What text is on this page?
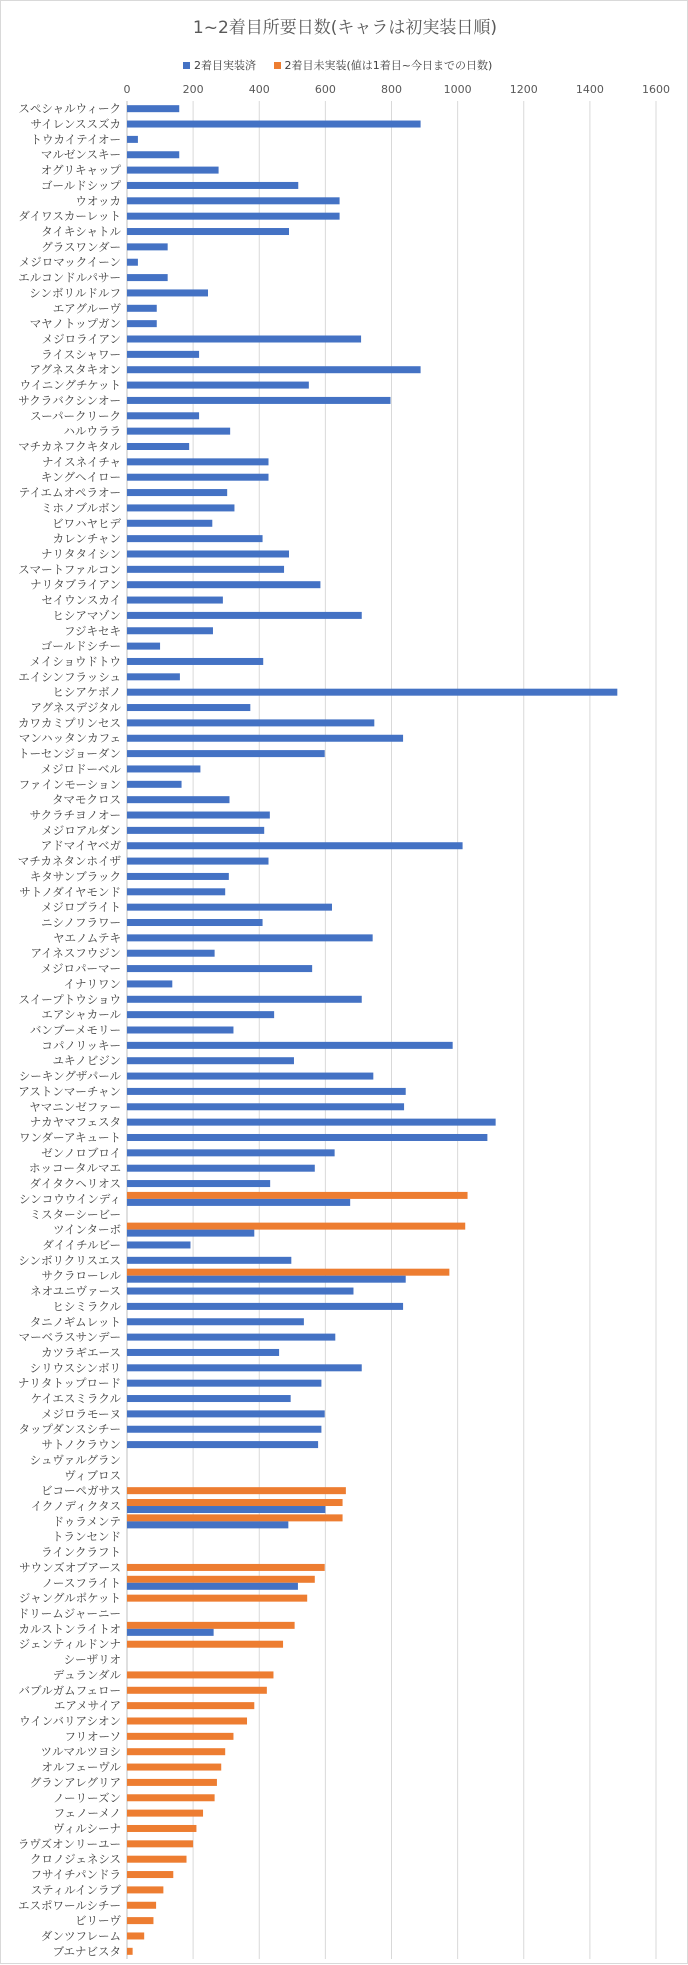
1~2着目所要日数(キャラは初実装日順)
2着目実装済	2着目未実装(値は1着目~今日までの日数)
0	200	400	600	800	1000	1200	1400	1600
スペシャルウィーク
サイレンススズカ
トウカイテイオー
マルゼンスキー
オグリキャップ
ゴールドシップ
ウオッカ
ダイワスカーレット
タイキシャトル
グラスワンダー
メジロマックイーン
エルコンドルパサー
シンボリルドルフ
エアグルーヴ
マヤノトップガン
メジロライアン
ライスシャワー
アグネスタキオン
ウイニングチケット
サクラバクシンオー
スーパークリーク
ハルウララ
マチカネフクキタル
ナイスネイチャ
キングヘイロー
テイエムオペラオー
ミホノブルボン
ビワハヤヒデ
カレンチャン
ナリタタイシン
スマートファルコン
ナリタブライアン
セイウンスカイ
ヒシアマゾン
フジキセキ
ゴールドシチー
メイショウドトウ
エイシンフラッシュ
ヒシアケボノ
アグネスデジタル
カワカミプリンセス
マンハッタンカフェ
トーセンジョーダン
メジロドーベル
ファインモーション
タマモクロス
サクラチヨノオー
メジロアルダン
アドマイヤベガ
マチカネタンホイザ
キタサンブラック
サトノダイヤモンド
メジロブライト
ニシノフラワー
ヤエノムテキ
アイネスフウジン
メジロパーマー
イナリワン
スイープトウショウ
エアシャカール
バンブーメモリー
コパノリッキー
ユキノビジン
シーキングザパール
アストンマーチャン
ヤマニンゼファー
ナカヤマフェスタ
ワンダーアキュート
ゼンノロブロイ
ホッコータルマエ
ダイタクヘリオス
シンコウウインディ
ミスターシービー
ツインターボ
ダイイチルビー
シンボリクリスエス
サクラローレル
ネオユニヴァース
ヒシミラクル
タニノギムレット
マーベラスサンデー
カツラギエース
シリウスシンボリ
ナリタトップロード
ケイエスミラクル
メジロラモーヌ
タップダンスシチー
サトノクラウン
シュヴァルグラン
ヴィブロス
ビコーペガサス
イクノディクタス
ドゥラメンテ
トランセンド
ラインクラフト
サウンズオブアース
ノースフライト
ジャングルポケット
ドリームジャーニー
カルストンライトオ
ジェンティルドンナ
シーザリオ
デュランダル
バブルガムフェロー
エアメサイア
ウインバリアシオン
フリオーソ
ツルマルツヨシ
オルフェーヴル
グランアレグリア
ノーリーズン
フェノーメノ
ヴィルシーナ
ラヴズオンリーユー
クロノジェネシス
フサイチパンドラ
スティルインラブ
エスポワールシチー
ビリーヴ
ダンツフレーム
ブエナビスタ
